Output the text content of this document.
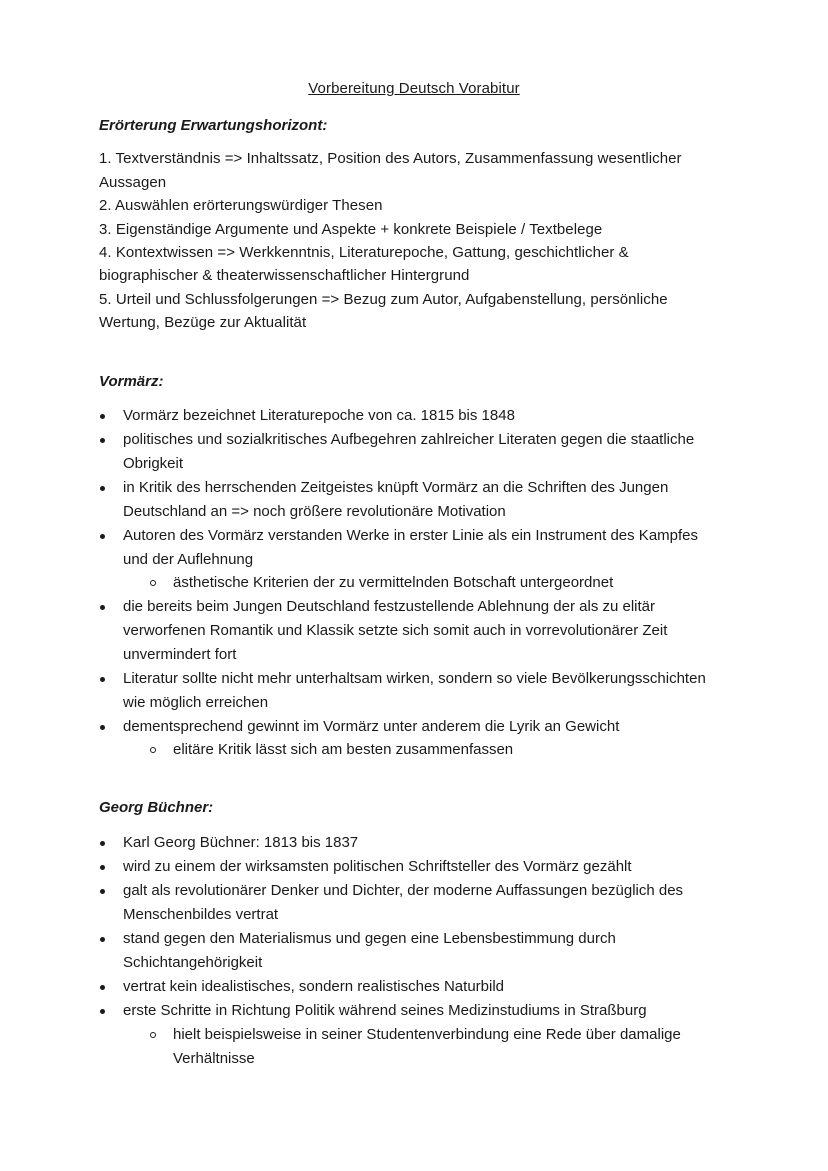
Vorbereitung Deutsch Vorabitur
Erörterung Erwartungshorizont:
1. Textverständnis => Inhaltssatz, Position des Autors, Zusammenfassung wesentlicher
Aussagen
2. Auswählen erörterungswürdiger Thesen
3. Eigenständige Argumente und Aspekte + konkrete Beispiele / Textbelege
4. Kontextwissen => Werkkenntnis, Literaturepoche, Gattung, geschichtlicher &
biographischer & theaterwissenschaftlicher Hintergrund
5. Urteil und Schlussfolgerungen => Bezug zum Autor, Aufgabenstellung, persönliche
Wertung, Bezüge zur Aktualität
Vormärz:
Vormärz bezeichnet Literaturepoche von ca. 1815 bis 1848
politisches und sozialkritisches Aufbegehren zahlreicher Literaten gegen die staatliche
Obrigkeit
in Kritik des herrschenden Zeitgeistes knüpft Vormärz an die Schriften des Jungen
Deutschland an => noch größere revolutionäre Motivation
Autoren des Vormärz verstanden Werke in erster Linie als ein Instrument des Kampfes
und der Auflehnung
ästhetische Kriterien der zu vermittelnden Botschaft untergeordnet
die bereits beim Jungen Deutschland festzustellende Ablehnung der als zu elitär
verworfenen Romantik und Klassik setzte sich somit auch in vorrevolutionärer Zeit
unvermindert fort
Literatur sollte nicht mehr unterhaltsam wirken, sondern so viele Bevölkerungsschichten
wie möglich erreichen
dementsprechend gewinnt im Vormärz unter anderem die Lyrik an Gewicht
elitäre Kritik lässt sich am besten zusammenfassen
Georg Büchner:
Karl Georg Büchner: 1813 bis 1837
wird zu einem der wirksamsten politischen Schriftsteller des Vormärz gezählt
galt als revolutionärer Denker und Dichter, der moderne Auffassungen bezüglich des
Menschenbildes vertrat
stand gegen den Materialismus und gegen eine Lebensbestimmung durch
Schichtangehörigkeit
vertrat kein idealistisches, sondern realistisches Naturbild
erste Schritte in Richtung Politik während seines Medizinstudiums in Straßburg
hielt beispielsweise in seiner Studentenverbindung eine Rede über damalige
Verhältnisse
